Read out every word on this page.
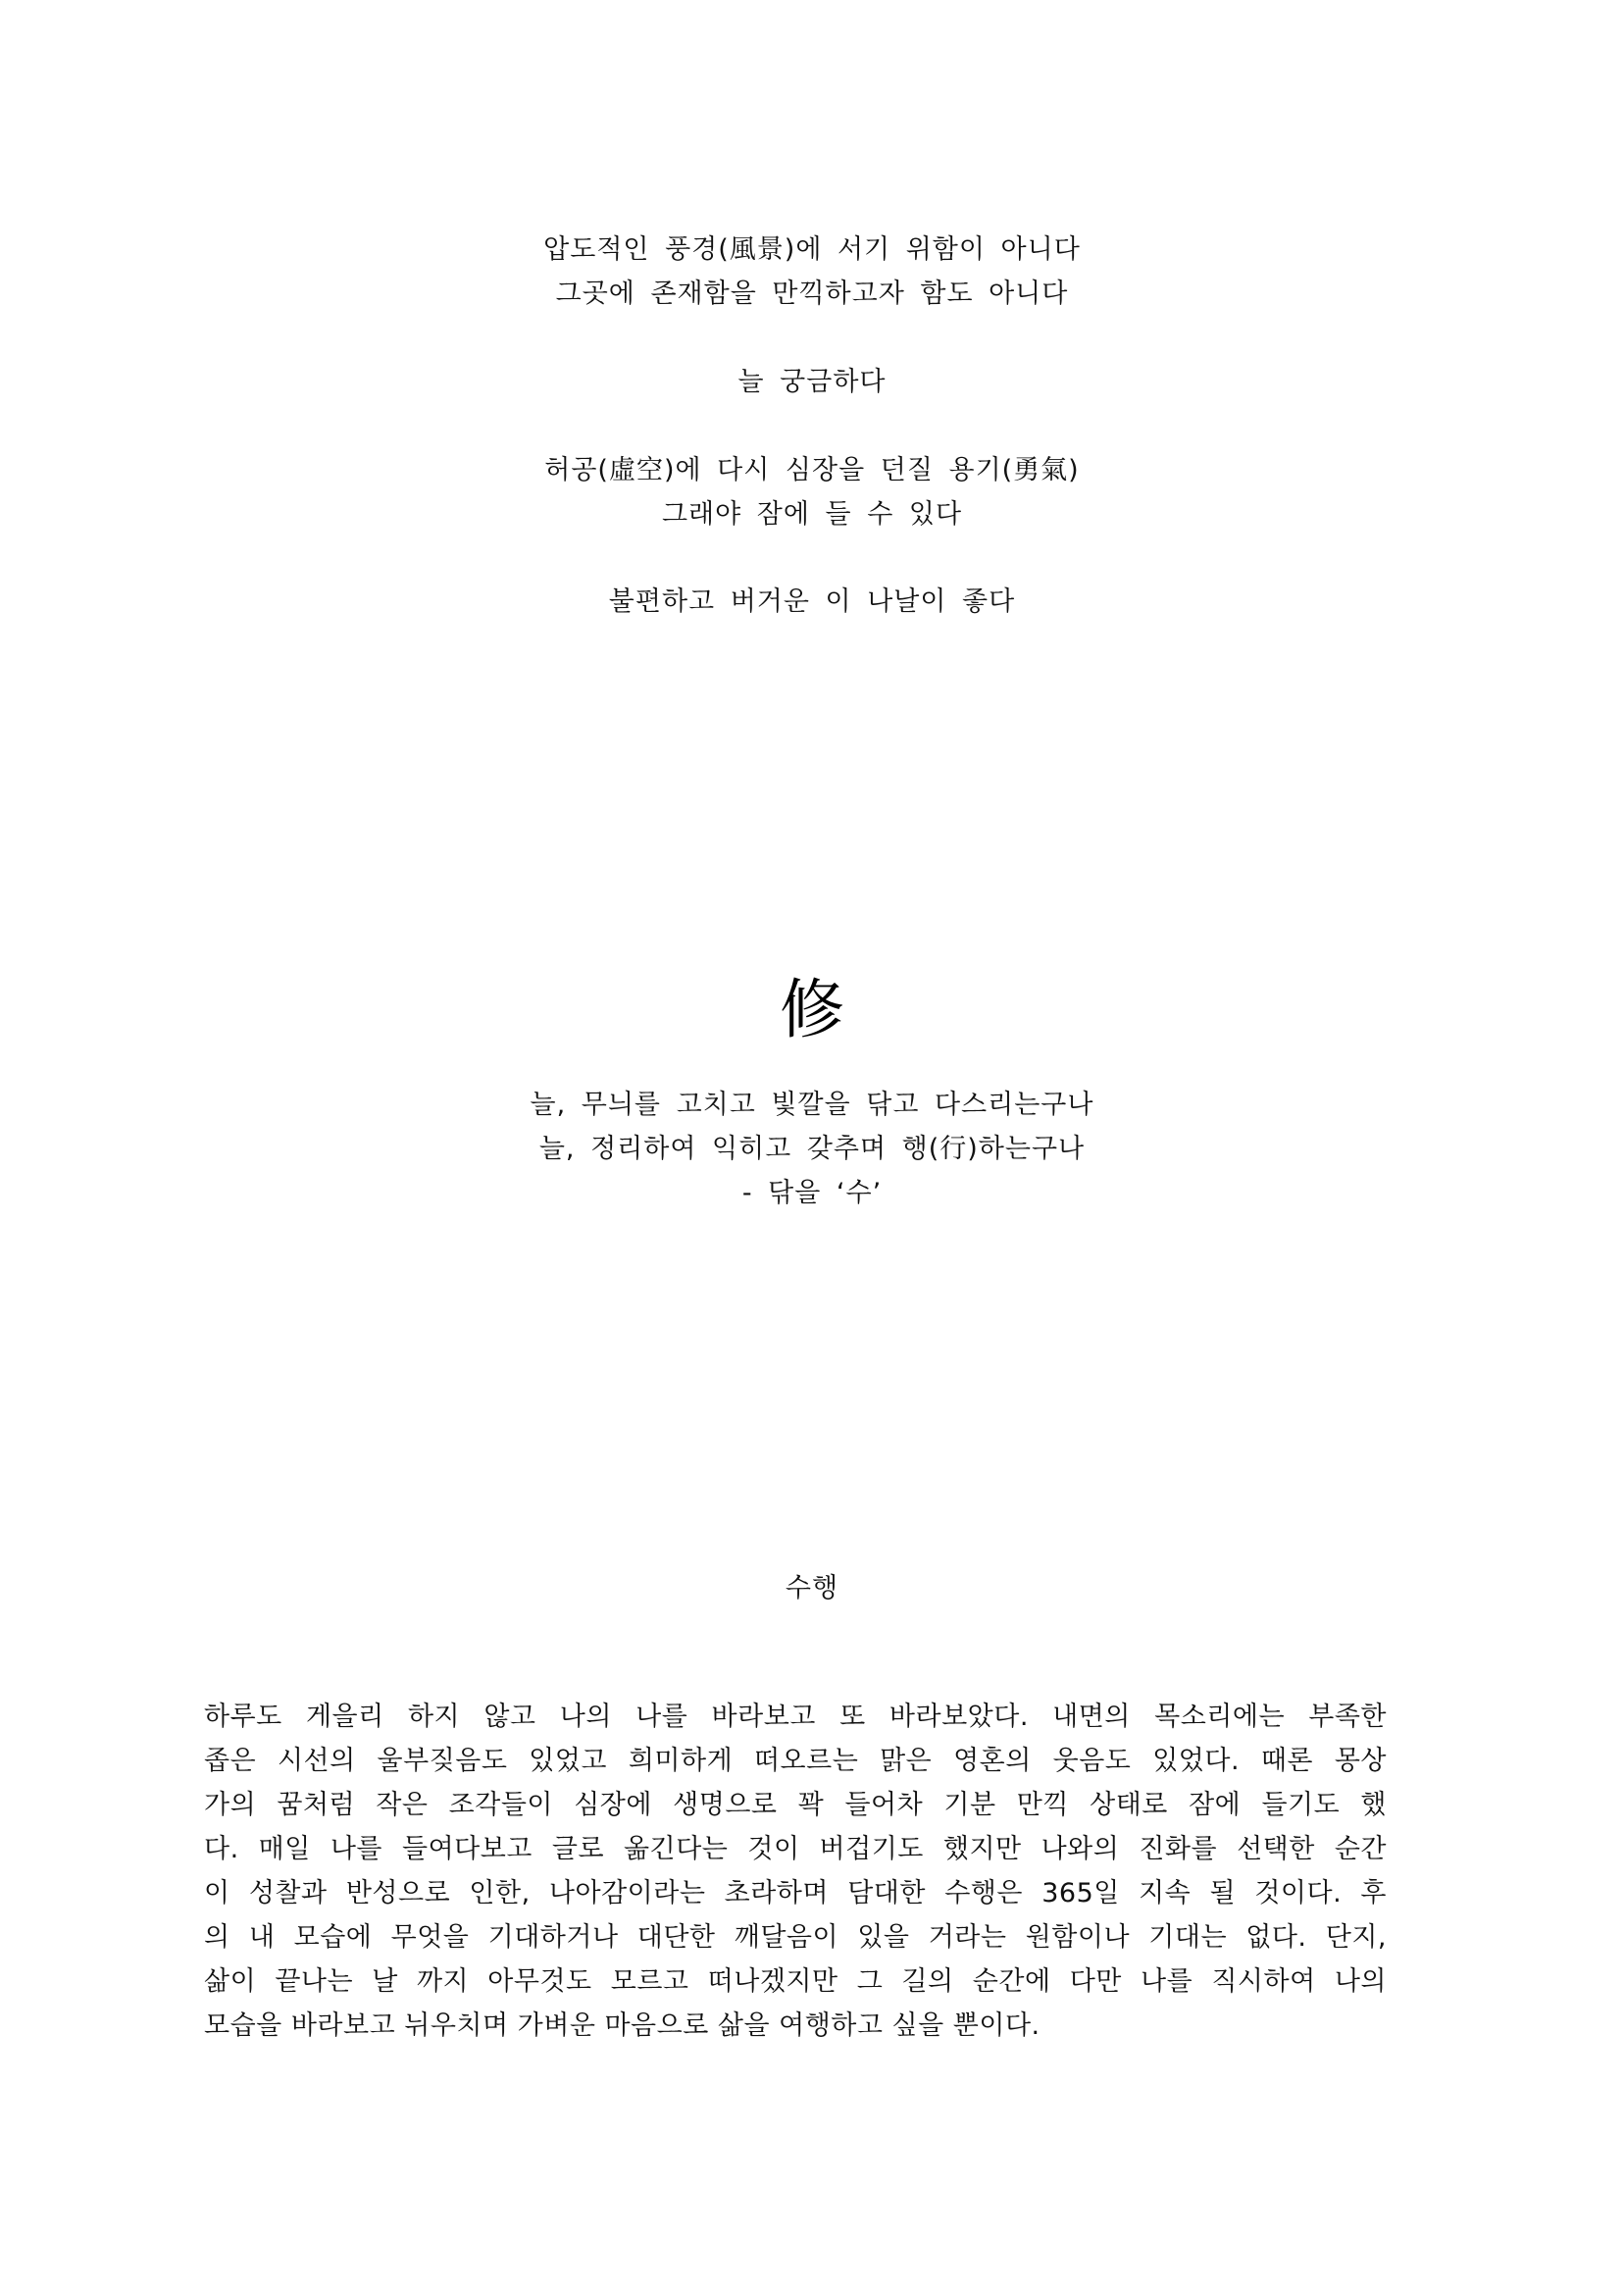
압도적인 풍경(風景)에 서기 위함이 아니다
그곳에 존재함을 만끽하고자 함도 아니다
늘 궁금하다
허공(虛空)에 다시 심장을 던질 용기(勇氣)
그래야 잠에 들 수 있다
불편하고 버거운 이 나날이 좋다
修
늘, 무늬를 고치고 빛깔을 닦고 다스리는구나
늘, 정리하여 익히고 갖추며 행(行)하는구나
- 닦을 ‘수’
수행
하루도 게을리 하지 않고 나의 나를 바라보고 또 바라보았다. 내면의 목소리에는 부족한
좁은 시선의 울부짖음도 있었고 희미하게 떠오르는 맑은 영혼의 웃음도 있었다. 때론 몽상
가의 꿈처럼 작은 조각들이 심장에 생명으로 꽉 들어차 기분 만끽 상태로 잠에 들기도 했
다. 매일 나를 들여다보고 글로 옮긴다는 것이 버겁기도 했지만 나와의 진화를 선택한 순간
이 성찰과 반성으로 인한, 나아감이라는 초라하며 담대한 수행은 365일 지속 될 것이다. 후
의 내 모습에 무엇을 기대하거나 대단한 깨달음이 있을 거라는 원함이나 기대는 없다. 단지,
삶이 끝나는 날 까지 아무것도 모르고 떠나겠지만 그 길의 순간에 다만 나를 직시하여 나의
모습을 바라보고 뉘우치며 가벼운 마음으로 삶을 여행하고 싶을 뿐이다.
